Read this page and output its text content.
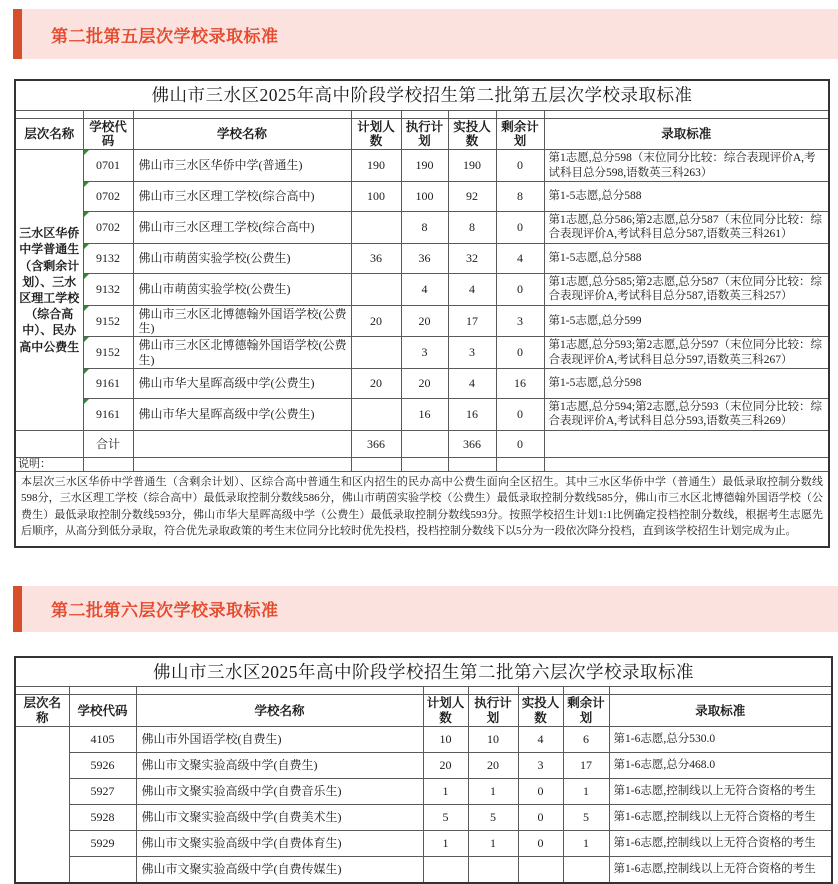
第二批第五层次学校录取标准
佛山市三水区2025年高中阶段学校招生第二批第五层次学校录取标准							

层次名称	学校代码	学校名称	计划人数	执行计划	实投人数	剩余计划	录取标准
三水区华侨中学普通生（含剩余计划）、三水区理工学校（综合高中）、民办高中公费生	0701	佛山市三水区华侨中学(普通生)	190	190	190	0	第1志愿,总分598（末位同分比较：综合表现评价A,考试科目总分598,语数英三科263）
	0702	佛山市三水区理工学校(综合高中)	100	100	92	8	第1-5志愿,总分588
	0702	佛山市三水区理工学校(综合高中)		8	8	0	第1志愿,总分586;第2志愿,总分587（末位同分比较：综合表现评价A,考试科目总分587,语数英三科261）
	9132	佛山市萌茵实验学校(公费生)	36	36	32	4	第1-5志愿,总分588
	9132	佛山市萌茵实验学校(公费生)		4	4	0	第1志愿,总分585;第2志愿,总分587（末位同分比较：综合表现评价A,考试科目总分587,语数英三科257）
	9152	佛山市三水区北博德翰外国语学校(公费生)	20	20	17	3	第1-5志愿,总分599
	9152	佛山市三水区北博德翰外国语学校(公费生)		3	3	0	第1志愿,总分593;第2志愿,总分597（末位同分比较：综合表现评价A,考试科目总分597,语数英三科267）
	9161	佛山市华大星晖高级中学(公费生)	20	20	4	16	第1-5志愿,总分598
	9161	佛山市华大星晖高级中学(公费生)		16	16	0	第1志愿,总分594;第2志愿,总分593（末位同分比较：综合表现评价A,考试科目总分593,语数英三科269）
	合计		366		366	0	
说明：							
本层次三水区华侨中学普通生（含剩余计划）、区综合高中普通生和区内招生的民办高中公费生面向全区招生。其中三水区华侨中学（普通生）最低录取控制分数线598分，三水区理工学校（综合高中）最低录取控制分数线586分，佛山市萌茵实验学校（公费生）最低录取控制分数线585分，佛山市三水区北博德翰外国语学校（公费生）最低录取控制分数线593分，佛山市华大星晖高级中学（公费生）最低录取控制分数线593分。按照学校招生计划1:1比例确定投档控制分数线，根据考生志愿先后顺序，从高分到低分录取，符合优先录取政策的考生末位同分比较时优先投档，投档控制分数线下以5分为一段依次降分投档，直到该学校招生计划完成为止。							
第二批第六层次学校录取标准
佛山市三水区2025年高中阶段学校招生第二批第六层次学校录取标准							

层次名称	学校代码	学校名称	计划人数	执行计划	实投人数	剩余计划	录取标准
	4105	佛山市外国语学校(自费生)	10	10	4	6	第1-6志愿,总分530.0
	5926	佛山市文聚实验高级中学(自费生)	20	20	3	17	第1-6志愿,总分468.0
	5927	佛山市文聚实验高级中学(自费音乐生)	1	1	0	1	第1-6志愿,控制线以上无符合资格的考生
	5928	佛山市文聚实验高级中学(自费美术生)	5	5	0	5	第1-6志愿,控制线以上无符合资格的考生
	5929	佛山市文聚实验高级中学(自费体育生)	1	1	0	1	第1-6志愿,控制线以上无符合资格的考生
		佛山市文聚实验高级中学(自费传媒生)					第1-6志愿,控制线以上无符合资格的考生
